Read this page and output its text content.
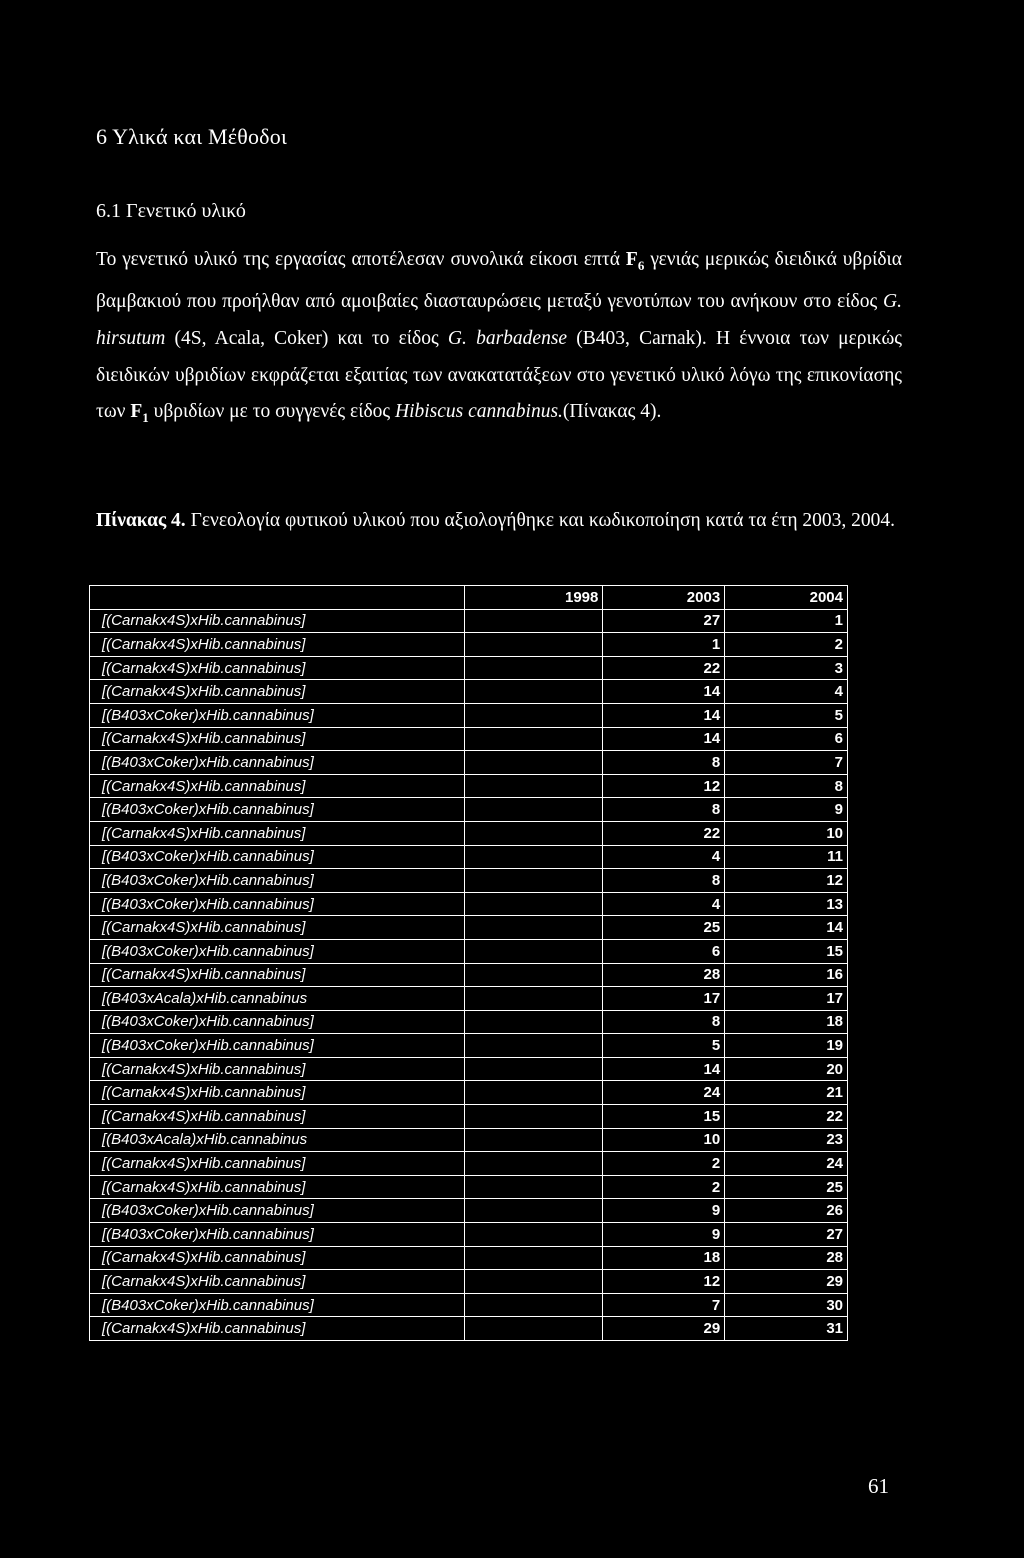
6 Υλικά και Μέθοδοι
6.1 Γενετικό υλικό

Το γενετικό υλικό της εργασίας αποτέλεσαν συνολικά είκοσι επτά $F_6$ γενιάς μερικώς διειδικά υβρίδια βαμβακιού που προήλθαν από αμοιβαίες διασταυρώσεις μεταξύ γενοτύπων του ανήκουν στο είδος G. hirsutum (4S, Acala, Coker) και το είδος G. barbadense (B403, Carnak). Η έννοια των μερικώς διειδικών υβριδίων εκφράζεται εξαιτίας των ανακατατάξεων στο γενετικό υλικό λόγω της επικονίασης των $F_1$ υβριδίων με το συγγενές είδος Hibiscus cannabinus.(Πίνακας 4).

Πίνακας 4. Γενεολογία φυτικού υλικού που αξιολογήθηκε και κωδικοποίηση κατά τα έτη 2003, 2004.

	1998	2003	2004
[(Carnakx4S)xHib.cannabinus]		27	1
[(Carnakx4S)xHib.cannabinus]		1	2
[(Carnakx4S)xHib.cannabinus]		22	3
[(Carnakx4S)xHib.cannabinus]		14	4
[(B403xCoker)xHib.cannabinus]		14	5
[(Carnakx4S)xHib.cannabinus]		14	6
[(B403xCoker)xHib.cannabinus]		8	7
[(Carnakx4S)xHib.cannabinus]		12	8
[(B403xCoker)xHib.cannabinus]		8	9
[(Carnakx4S)xHib.cannabinus]		22	10
[(B403xCoker)xHib.cannabinus]		4	11
[(B403xCoker)xHib.cannabinus]		8	12
[(B403xCoker)xHib.cannabinus]		4	13
[(Carnakx4S)xHib.cannabinus]		25	14
[(B403xCoker)xHib.cannabinus]		6	15
[(Carnakx4S)xHib.cannabinus]		28	16
[(B403xAcala)xHib.cannabinus		17	17
[(B403xCoker)xHib.cannabinus]		8	18
[(B403xCoker)xHib.cannabinus]		5	19
[(Carnakx4S)xHib.cannabinus]		14	20
[(Carnakx4S)xHib.cannabinus]		24	21
[(Carnakx4S)xHib.cannabinus]		15	22
[(B403xAcala)xHib.cannabinus		10	23
[(Carnakx4S)xHib.cannabinus]		2	24
[(Carnakx4S)xHib.cannabinus]		2	25
[(B403xCoker)xHib.cannabinus]		9	26
[(B403xCoker)xHib.cannabinus]		9	27
[(Carnakx4S)xHib.cannabinus]		18	28
[(Carnakx4S)xHib.cannabinus]		12	29
[(B403xCoker)xHib.cannabinus]		7	30
[(Carnakx4S)xHib.cannabinus]		29	31
61
